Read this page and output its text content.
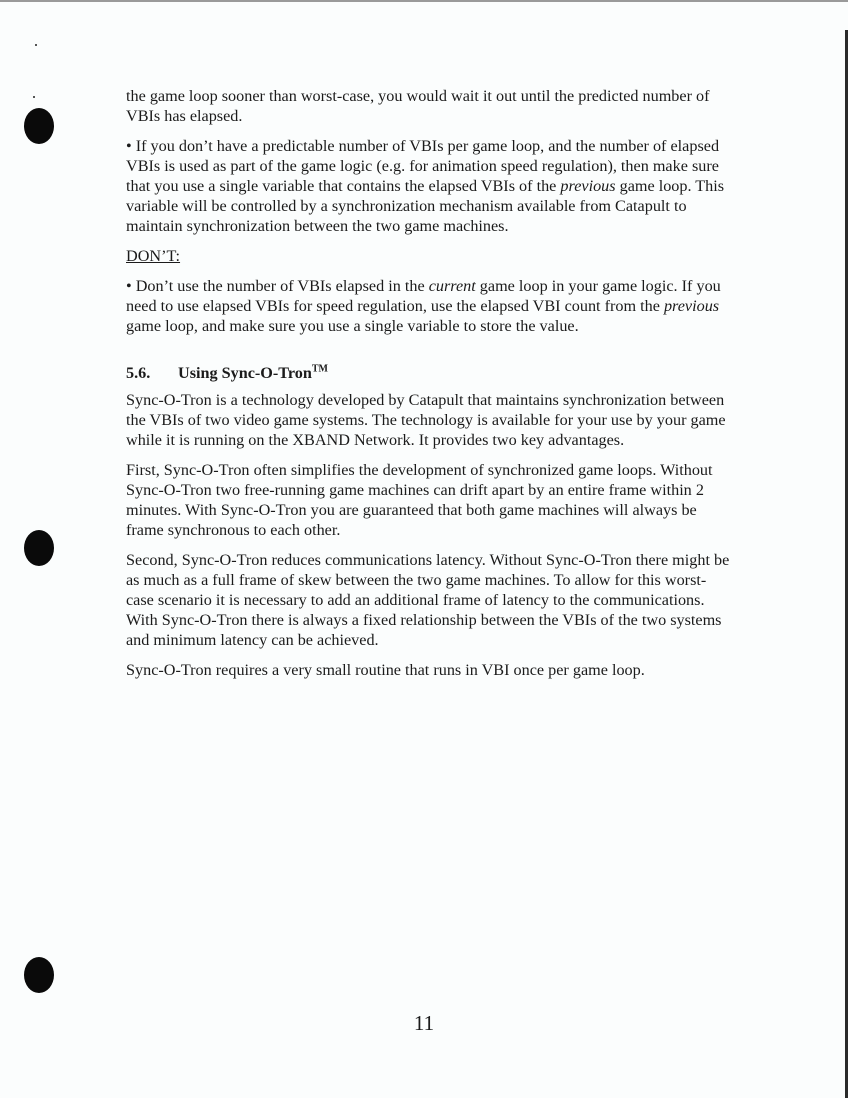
the game loop sooner than worst-case, you would wait it out until the predicted number of VBIs has elapsed.

• If you don’t have a predictable number of VBIs per game loop, and the number of elapsed VBIs is used as part of the game logic (e.g. for animation speed regulation), then make sure that you use a single variable that contains the elapsed VBIs of the previous game loop. This variable will be controlled by a synchronization mechanism available from Catapult to maintain synchronization between the two game machines.

DON’T:

• Don’t use the number of VBIs elapsed in the current game loop in your game logic. If you need to use elapsed VBIs for speed regulation, use the elapsed VBI count from the previous game loop, and make sure you use a single variable to store the value.

5.6. Using Sync-O-Tron™

Sync-O-Tron is a technology developed by Catapult that maintains synchronization between the VBIs of two video game systems. The technology is available for your use by your game while it is running on the XBAND Network. It provides two key advantages.

First, Sync-O-Tron often simplifies the development of synchronized game loops. Without Sync-O-Tron two free-running game machines can drift apart by an entire frame within 2 minutes. With Sync-O-Tron you are guaranteed that both game machines will always be frame synchronous to each other.

Second, Sync-O-Tron reduces communications latency. Without Sync-O-Tron there might be as much as a full frame of skew between the two game machines. To allow for this worst-case scenario it is necessary to add an additional frame of latency to the communications. With Sync-O-Tron there is always a fixed relationship between the VBIs of the two systems and minimum latency can be achieved.

Sync-O-Tron requires a very small routine that runs in VBI once per game loop.

11
